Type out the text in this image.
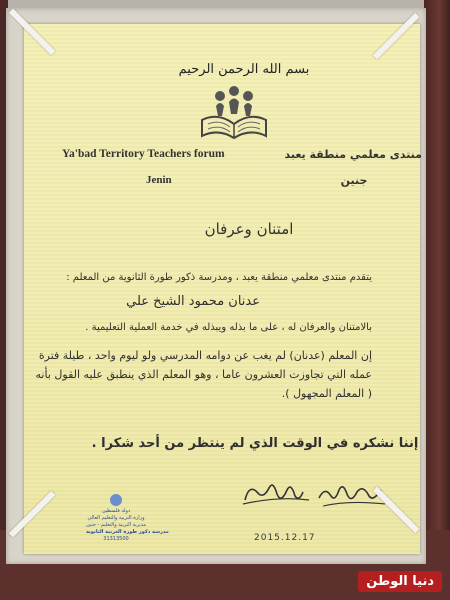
بسم الله الرحمن الرحيم
Ya'bad Territory Teachers forum
Jenin
منتدى معلمي منطقة يعبد
جنين
امتنان وعرفان
يتقدم منتدى معلمي منطقة يعبد ، ومدرسة ذكور طورة الثانوية من المعلم :
عدنان محمود الشيخ علي
بالامتنان والعرفان له ، على ما بذله ويبذله في خدمة العملية التعليمية .
إن المعلم (عدنان) لم يغب عن دوامه المدرسي ولو ليوم واحد ، طيلة فترة عمله التي تجاوزت العشرون عاما ، وهو المعلم الذي ينطبق عليه القول بأنه ( المعلم المجهول ).
إننا نشكره في الوقت الذي لم ينتظر من أحد شكرا .
دولة فلسطين
وزارة التربية والتعليم العالي
مديرية التربية والتعليم - جنين
مدرسة ذكور طورة الغربية الثانوية
31313500	2015.12.17
دنيا الوطن
